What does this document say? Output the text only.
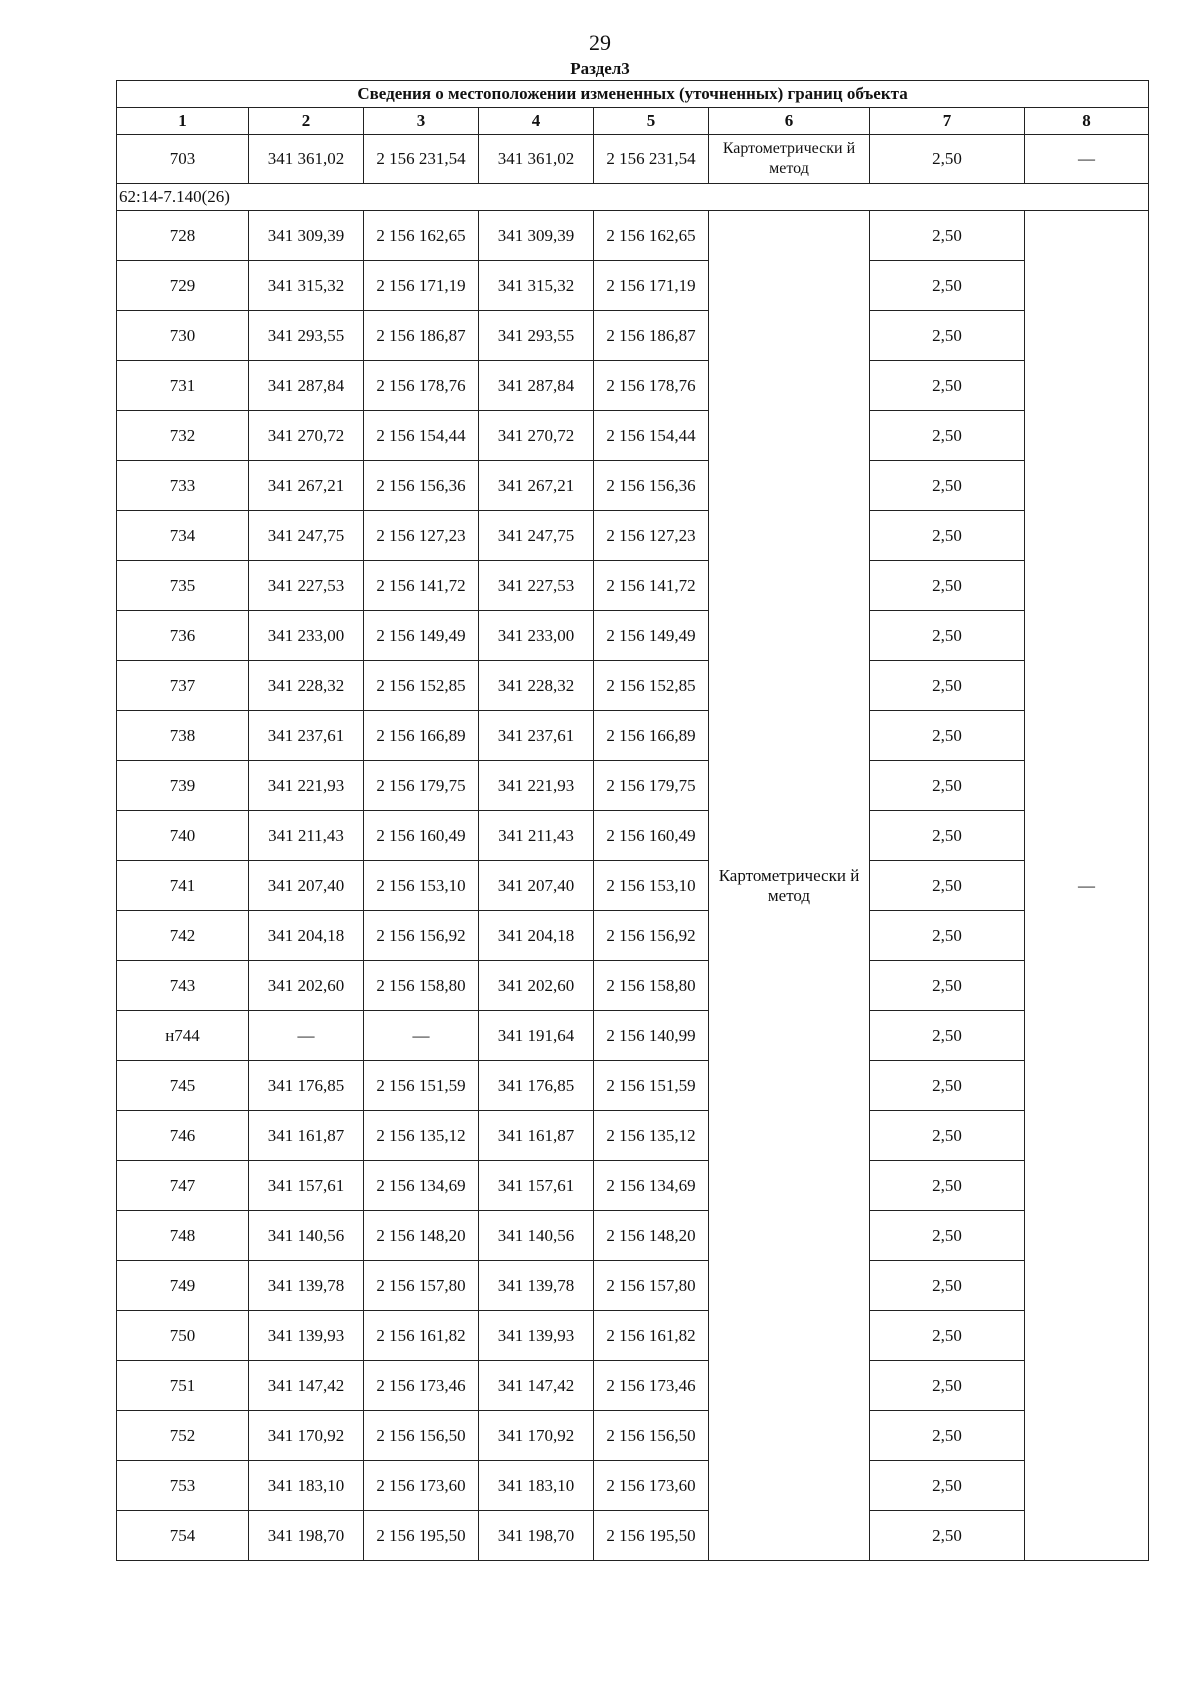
29
Раздел3
Сведения о местоположении измененных (уточненных) границ объекта							
1	2	3	4	5	6	7	8
703	341 361,02	2 156 231,54	341 361,02	2 156 231,54	Картометрически й метод	2,50	—
62:14-7.140(26)							
728	341 309,39	2 156 162,65	341 309,39	2 156 162,65	Картометрически й метод	2,50	—
729	341 315,32	2 156 171,19	341 315,32	2 156 171,19		2,50	
730	341 293,55	2 156 186,87	341 293,55	2 156 186,87		2,50	
731	341 287,84	2 156 178,76	341 287,84	2 156 178,76		2,50	
732	341 270,72	2 156 154,44	341 270,72	2 156 154,44		2,50	
733	341 267,21	2 156 156,36	341 267,21	2 156 156,36		2,50	
734	341 247,75	2 156 127,23	341 247,75	2 156 127,23		2,50	
735	341 227,53	2 156 141,72	341 227,53	2 156 141,72		2,50	
736	341 233,00	2 156 149,49	341 233,00	2 156 149,49		2,50	
737	341 228,32	2 156 152,85	341 228,32	2 156 152,85		2,50	
738	341 237,61	2 156 166,89	341 237,61	2 156 166,89		2,50	
739	341 221,93	2 156 179,75	341 221,93	2 156 179,75		2,50	
740	341 211,43	2 156 160,49	341 211,43	2 156 160,49		2,50	
741	341 207,40	2 156 153,10	341 207,40	2 156 153,10		2,50	
742	341 204,18	2 156 156,92	341 204,18	2 156 156,92		2,50	
743	341 202,60	2 156 158,80	341 202,60	2 156 158,80		2,50	
н744	—	—	341 191,64	2 156 140,99		2,50	
745	341 176,85	2 156 151,59	341 176,85	2 156 151,59		2,50	
746	341 161,87	2 156 135,12	341 161,87	2 156 135,12		2,50	
747	341 157,61	2 156 134,69	341 157,61	2 156 134,69		2,50	
748	341 140,56	2 156 148,20	341 140,56	2 156 148,20		2,50	
749	341 139,78	2 156 157,80	341 139,78	2 156 157,80		2,50	
750	341 139,93	2 156 161,82	341 139,93	2 156 161,82		2,50	
751	341 147,42	2 156 173,46	341 147,42	2 156 173,46		2,50	
752	341 170,92	2 156 156,50	341 170,92	2 156 156,50		2,50	
753	341 183,10	2 156 173,60	341 183,10	2 156 173,60		2,50	
754	341 198,70	2 156 195,50	341 198,70	2 156 195,50		2,50	
